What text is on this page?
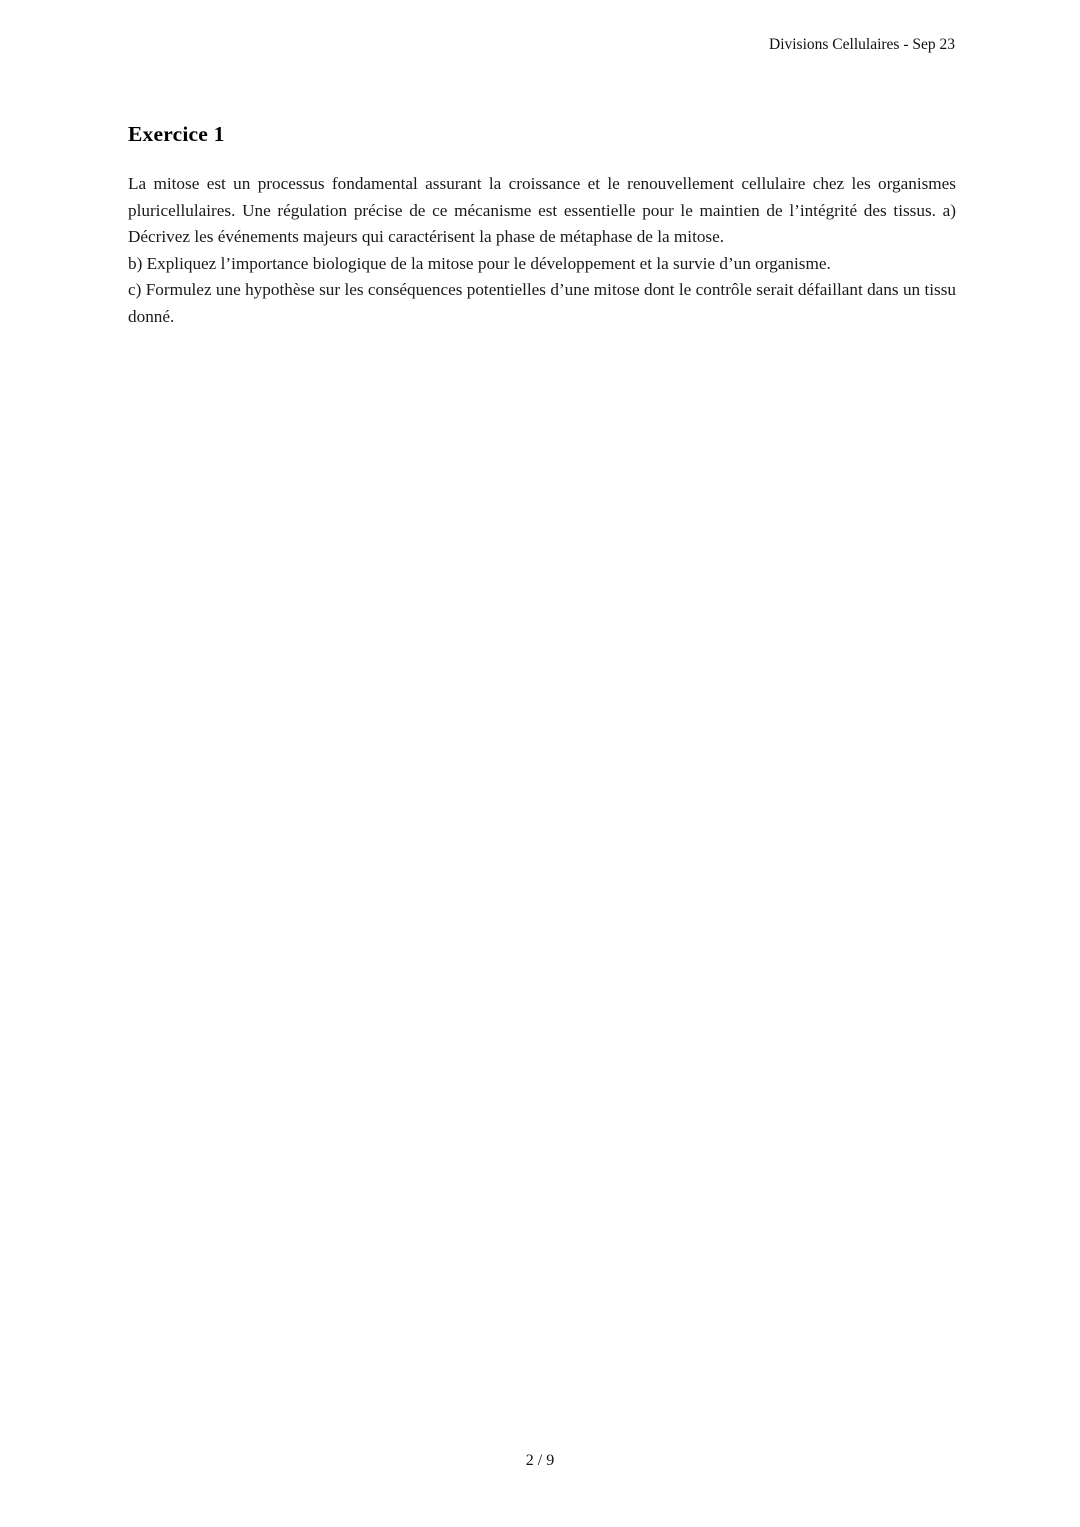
Divisions Cellulaires - Sep 23
Exercice 1

La mitose est un processus fondamental assurant la croissance et le renouvellement cellulaire chez les organismes pluricellulaires. Une régulation précise de ce mécanisme est essentielle pour le maintien de l’intégrité des tissus. a) Décrivez les événements majeurs qui caractérisent la phase de métaphase de la mitose.

b) Expliquez l’importance biologique de la mitose pour le développement et la survie d’un organisme.

c) Formulez une hypothèse sur les conséquences potentielles d’une mitose dont le contrôle serait défaillant dans un tissu donné.

2 / 9
